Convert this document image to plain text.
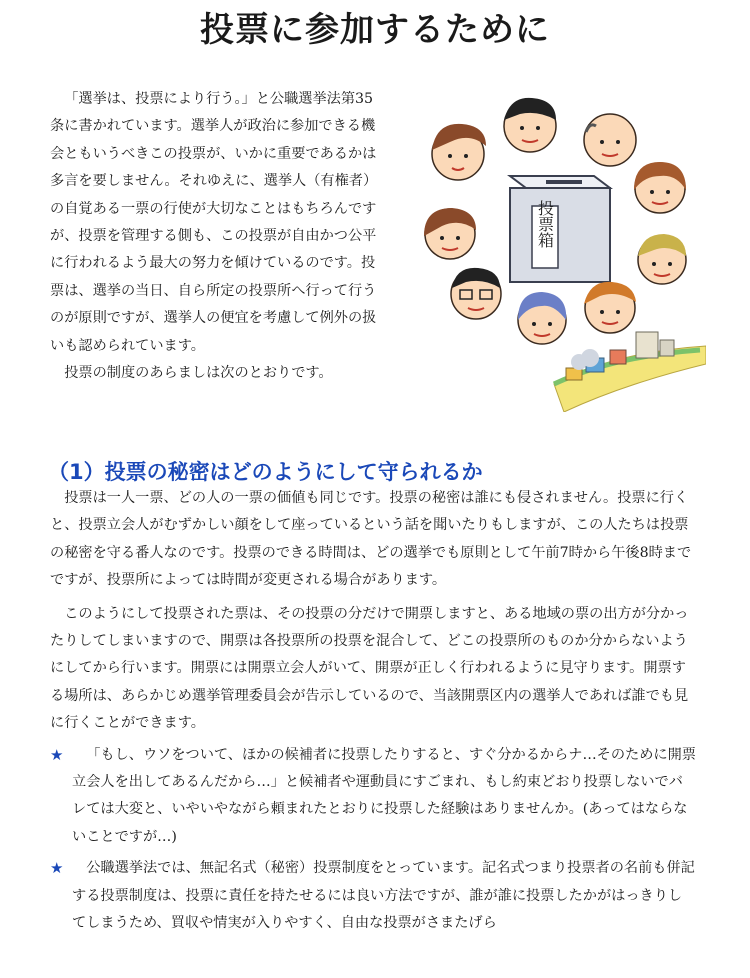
投票に参加するために

「選挙は、投票により行う。」と公職選挙法第35条に書かれています。選挙人が政治に参加できる機会ともいうべきこの投票が、いかに重要であるかは多言を要しません。それゆえに、選挙人（有権者）の自覚ある一票の行使が大切なことはもちろんですが、投票を管理する側も、この投票が自由かつ公平に行われるよう最大の努力を傾けているのです。投票は、選挙の当日、自ら所定の投票所へ行って行うのが原則ですが、選挙人の便宜を考慮して例外の扱いも認められています。

投票の制度のあらましは次のとおりです。

投票箱
（1）投票の秘密はどのようにして守られるか

投票は一人一票、どの人の一票の価値も同じです。投票の秘密は誰にも侵されません。投票に行くと、投票立会人がむずかしい顔をして座っているという話を聞いたりもしますが、この人たちは投票の秘密を守る番人なのです。投票のできる時間は、どの選挙でも原則として午前7時から午後8時までですが、投票所によっては時間が変更される場合があります。

このようにして投票された票は、その投票の分だけで開票しますと、ある地域の票の出方が分かったりしてしまいますので、開票は各投票所の投票を混合して、どこの投票所のものか分からないようにしてから行います。開票には開票立会人がいて、開票が正しく行われるように見守ります。開票する場所は、あらかじめ選挙管理委員会が告示しているので、当該開票区内の選挙人であれば誰でも見に行くことができます。

★	「もし、ウソをついて、ほかの候補者に投票したりすると、すぐ分かるからナ…そのために開票立会人を出してあるんだから…」と候補者や運動員にすごまれ、もし約束どおり投票しないでバレては大変と、いやいやながら頼まれたとおりに投票した経験はありませんか。(あってはならないことですが…)

★	公職選挙法では、無記名式（秘密）投票制度をとっています。記名式つまり投票者の名前も併記する投票制度は、投票に責任を持たせるには良い方法ですが、誰が誰に投票したかがはっきりしてしまうため、買収や情実が入りやすく、自由な投票がさまたげら
